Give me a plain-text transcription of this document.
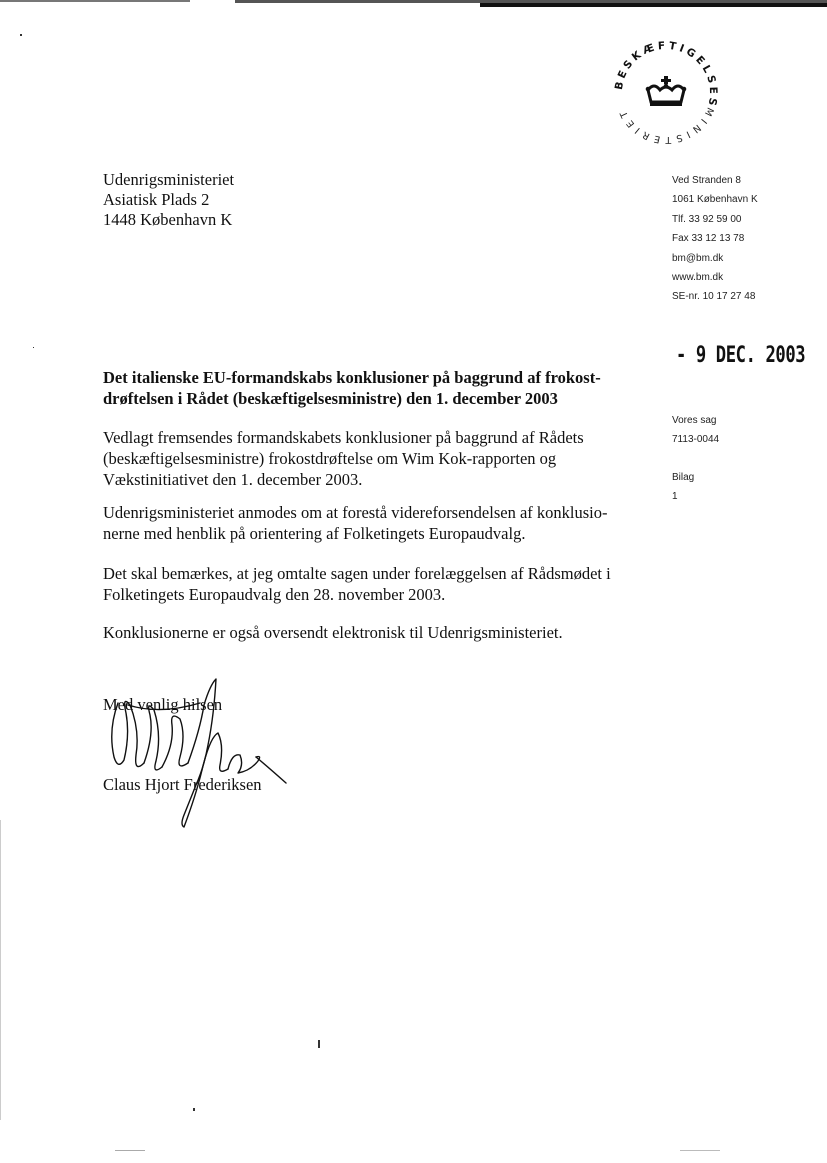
BESKÆFTIGELSES
MINISTERIET
Udenrigsministeriet
Asiatisk Plads 2
1448 København K
Ved Stranden 8
1061 København K
Tlf. 33 92 59 00
Fax 33 12 13 78
bm@bm.dk
www.bm.dk
SE-nr. 10 17 27 48
- 9 DEC. 2003
Vores sag
7113-0044
Bilag
1
Det italienske EU-formandskabs konklusioner på baggrund af frokost-
drøftelsen i Rådet (beskæftigelsesministre) den 1. december 2003
Vedlagt fremsendes formandskabets konklusioner på baggrund af Rådets
(beskæftigelsesministre) frokostdrøftelse om Wim Kok-rapporten og
Vækstinitiativet den 1. december 2003.
Udenrigsministeriet anmodes om at forestå videreforsendelsen af konklusio-
nerne med henblik på orientering af Folketingets Europaudvalg.
Det skal bemærkes, at jeg omtalte sagen under forelæggelsen af Rådsmødet i
Folketingets Europaudvalg den 28. november 2003.
Konklusionerne er også oversendt elektronisk til Udenrigsministeriet.
Med venlig hilsen
Claus Hjort Frederiksen
